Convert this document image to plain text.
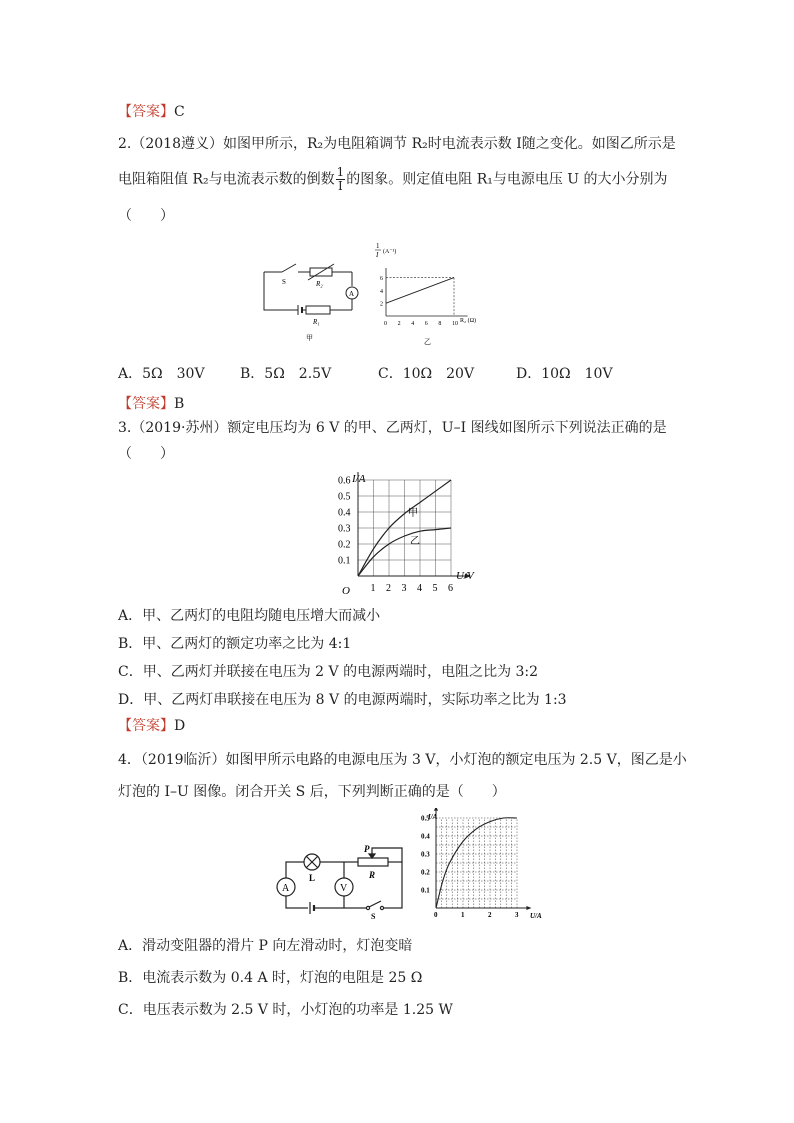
【答案】C
2.（2018遵义）如图甲所示，R₂为电阻箱调节 R₂时电流表示数 I随之变化。如图乙所示是
电阻箱阻值 R₂与电流表示数的倒数 $\frac{1}{I}$ 的图象。则定值电阻 R₁与电源电压 U 的大小分别为
（　　）
S	R₂
A
R₁
甲
2
4
6
0 2 4 6 8 10
1
I (A⁻¹)
R₂ (Ω)
乙
A．5Ω　30V	B．5Ω　2.5V	C．10Ω　20V	D．10Ω　10V
【答案】B
3.（2019·苏州）额定电压均为 6 V 的甲、乙两灯，U–I 图线如图所示下列说法正确的是
（　　）
0.1
0.2
0.3
0.4
0.5
0.6
1 2 3 4 5 6
I/A
U/V
O
甲
乙
A．甲、乙两灯的电阻均随电压增大而减小
B．甲、乙两灯的额定功率之比为 4:1
C．甲、乙两灯并联接在电压为 2 V 的电源两端时，电阻之比为 3:2
D．甲、乙两灯串联接在电压为 8 V 的电源两端时，实际功率之比为 1:3
【答案】D
4．（2019临沂）如图甲所示电路的电源电压为 3 V，小灯泡的额定电压为 2.5 V，图乙是小
灯泡的 I–U 图像。闭合开关 S 后，下列判断正确的是（　　）
A
L
V
P
R
S
0.1
0.2
0.3
0.4
0.5
0	1	2	3
I/A
U/A
A．滑动变阻器的滑片 P 向左滑动时，灯泡变暗
B．电流表示数为 0.4 A 时，灯泡的电阻是 25 Ω
C．电压表示数为 2.5 V 时，小灯泡的功率是 1.25 W
